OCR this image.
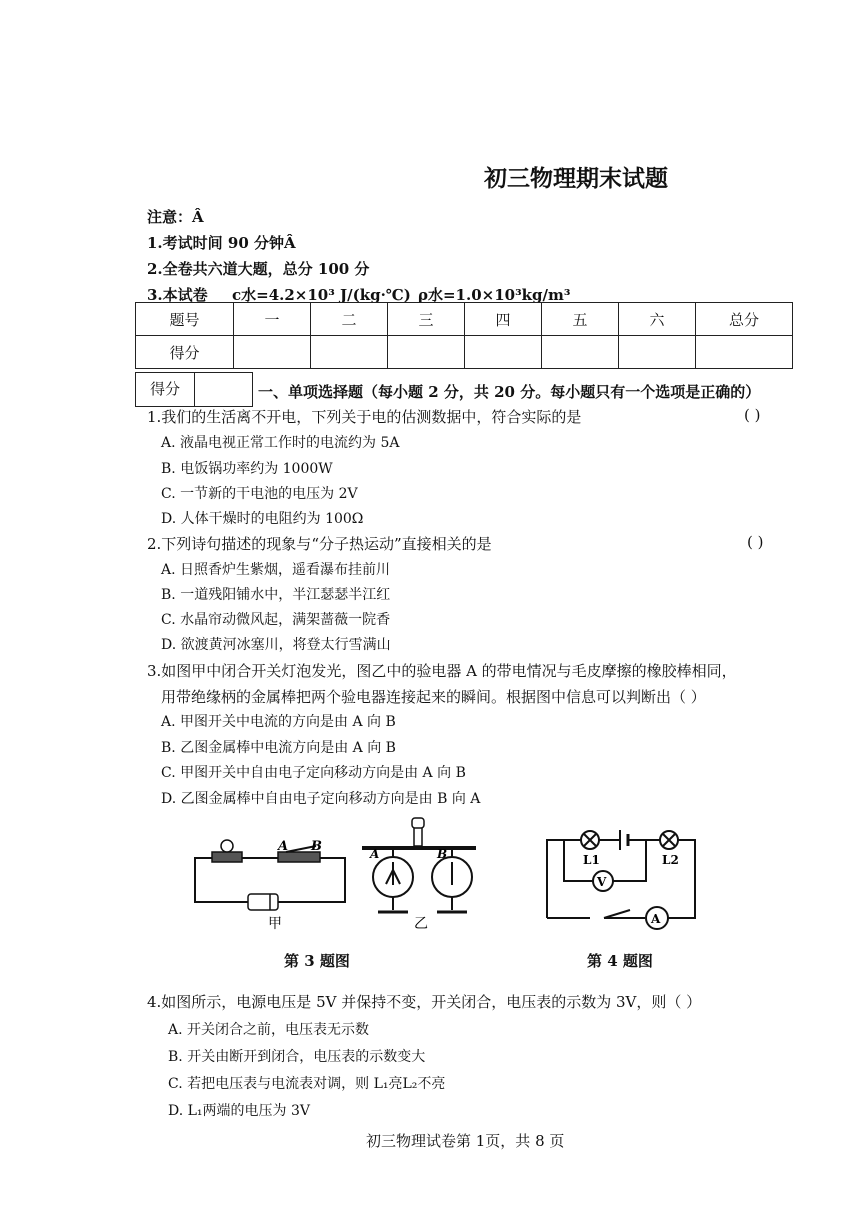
初三物理期末试题
注意：Â
1.考试时间 90 分钟Â
2.全卷共六道大题，总分 100 分
3.本试卷 c水=4.2×10³ J/(kg·℃) ρ水=1.0×10³kg/m³
题号	一	二	三	四	五	六	总分
得分							
得分	一、单项选择题（每小题 2 分，共 20 分。每小题只有一个选项是正确的）
1.我们的生活离不开电，下列关于电的估测数据中，符合实际的是	( )
A. 液晶电视正常工作时的电流约为 5A
B. 电饭锅功率约为 1000W
C. 一节新的干电池的电压为 2V
D. 人体干燥时的电阻约为 100Ω
2.下列诗句描述的现象与“分子热运动”直接相关的是	( )
A. 日照香炉生紫烟，遥看瀑布挂前川
B. 一道残阳铺水中，半江瑟瑟半江红
C. 水晶帘动微风起，满架蔷薇一院香
D. 欲渡黄河冰塞川，将登太行雪满山
3.如图甲中闭合开关灯泡发光，图乙中的验电器 A 的带电情况与毛皮摩擦的橡胶棒相同，
用带绝缘柄的金属棒把两个验电器连接起来的瞬间。根据图中信息可以判断出（ ）
A. 甲图开关中电流的方向是由 A 向 B
B. 乙图金属棒中电流方向是由 A 向 B
C. 甲图开关中自由电子定向移动方向是由 A 向 B
D. 乙图金属棒中自由电子定向移动方向是由 B 向 A
A B
甲
A	B
乙
V
A
L1	L2
第 3 题图	第 4 题图
4.如图所示，电源电压是 5V 并保持不变，开关闭合，电压表的示数为 3V，则（ ）
A. 开关闭合之前，电压表无示数
B. 开关由断开到闭合，电压表的示数变大
C. 若把电压表与电流表对调，则 L₁亮L₂不亮
D. L₁两端的电压为 3V
初三物理试卷第 1页，共 8 页
